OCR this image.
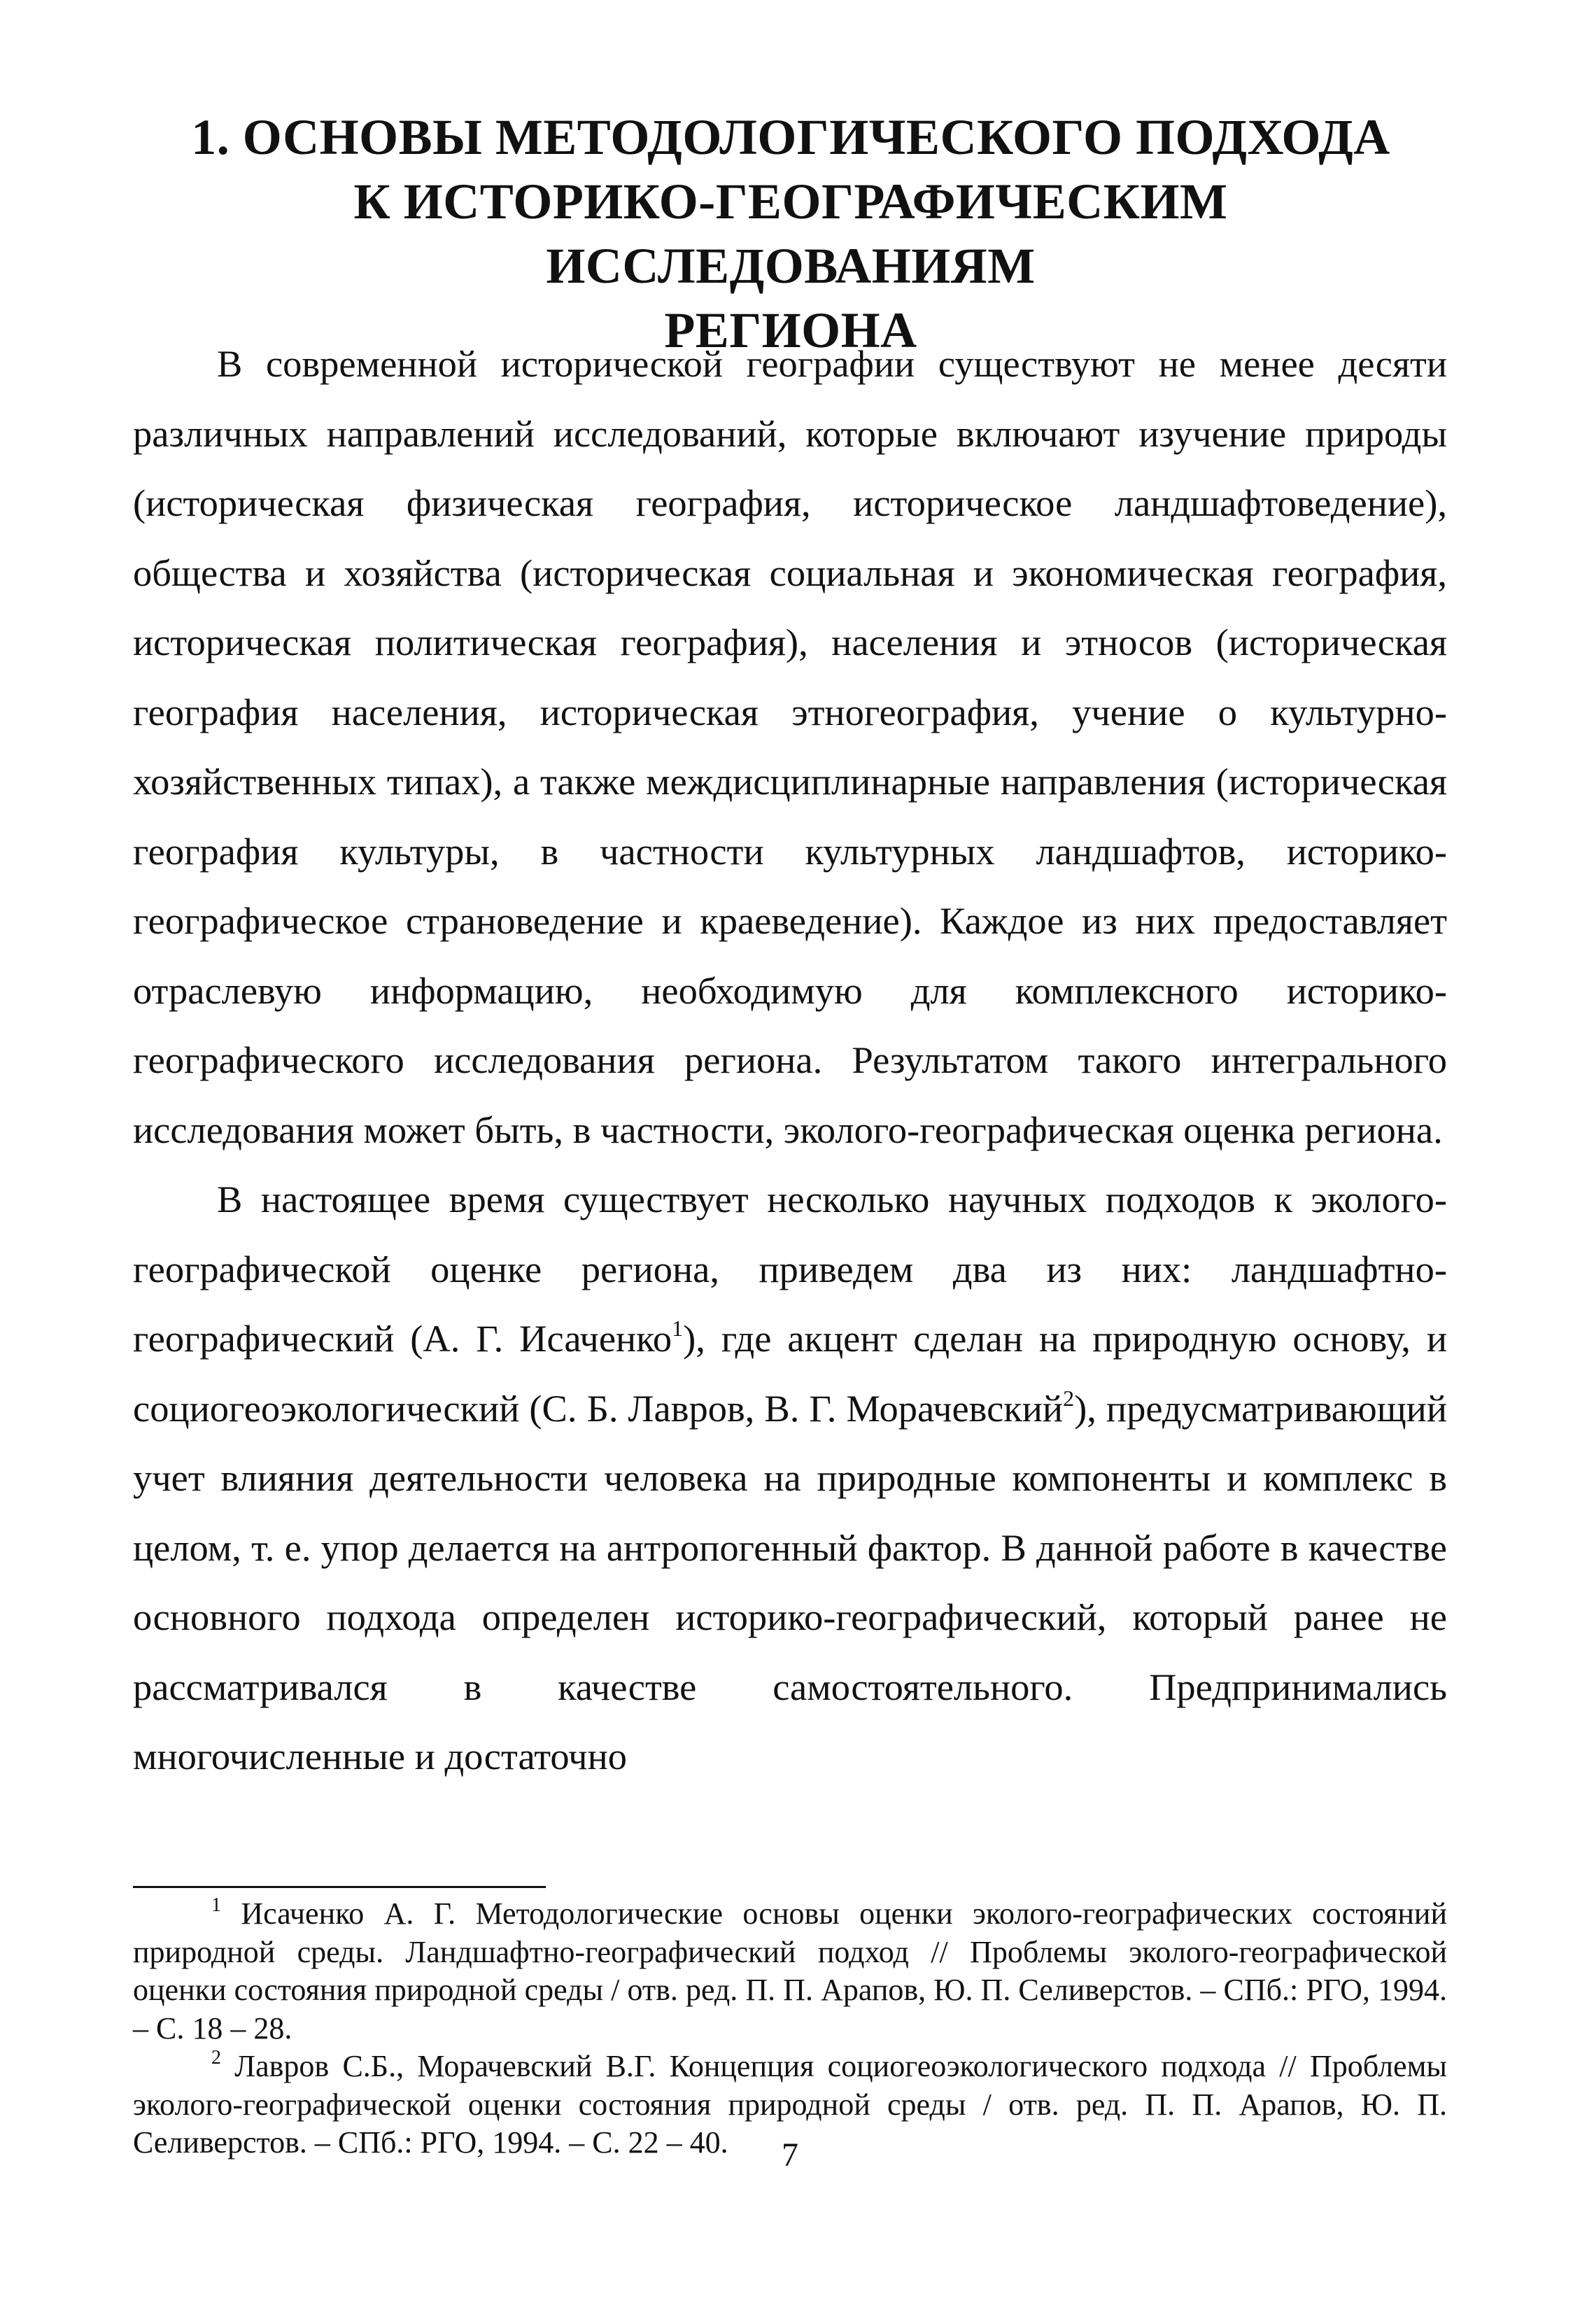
1. ОСНОВЫ МЕТОДОЛОГИЧЕСКОГО ПОДХОДА
К ИСТОРИКО-ГЕОГРАФИЧЕСКИМ ИССЛЕДОВАНИЯМ
РЕГИОНА

В современной исторической географии существуют не менее десяти различных направлений исследований, которые включают изучение природы (историческая физическая география, историческое ландшафтоведение), общества и хозяйства (историческая социальная и экономическая география, историческая политическая география), населения и этносов (историческая география населения, историческая этногеография, учение о культурно-хозяйственных типах), а также междисциплинарные направления (историческая география культуры, в частности культурных ландшафтов, историко-географическое страноведение и краеведение). Каждое из них предоставляет отраслевую информацию, необходимую для комплексного историко-географического исследования региона. Результатом такого интегрального исследования может быть, в частности, эколого-географическая оценка региона.

В настоящее время существует несколько научных подходов к эколого-географической оценке региона, приведем два из них: ландшафтно-географический (А. Г. Исаченко$^1$), где акцент сделан на природную основу, и социогеоэкологический (С. Б. Лавров, В. Г. Морачевский$^2$), предусматривающий учет влияния деятельности человека на природные компоненты и комплекс в целом, т. е. упор делается на антропогенный фактор. В данной работе в качестве основного подхода определен историко-географический, который ранее не рассматривался в качестве самостоятельного. Предпринимались многочисленные и достаточно

$^1$ Исаченко А. Г. Методологические основы оценки эколого-географических состояний природной среды. Ландшафтно-географический подход // Проблемы эколого-географической оценки состояния природной среды / отв. ред. П. П. Арапов, Ю. П. Селиверстов. – СПб.: РГО, 1994. – С. 18 – 28.

$^2$ Лавров С.Б., Морачевский В.Г. Концепция социогеоэкологического подхода // Проблемы эколого-географической оценки состояния природной среды / отв. ред. П. П. Арапов, Ю. П. Селиверстов. – СПб.: РГО, 1994. – С. 22 – 40.	7
